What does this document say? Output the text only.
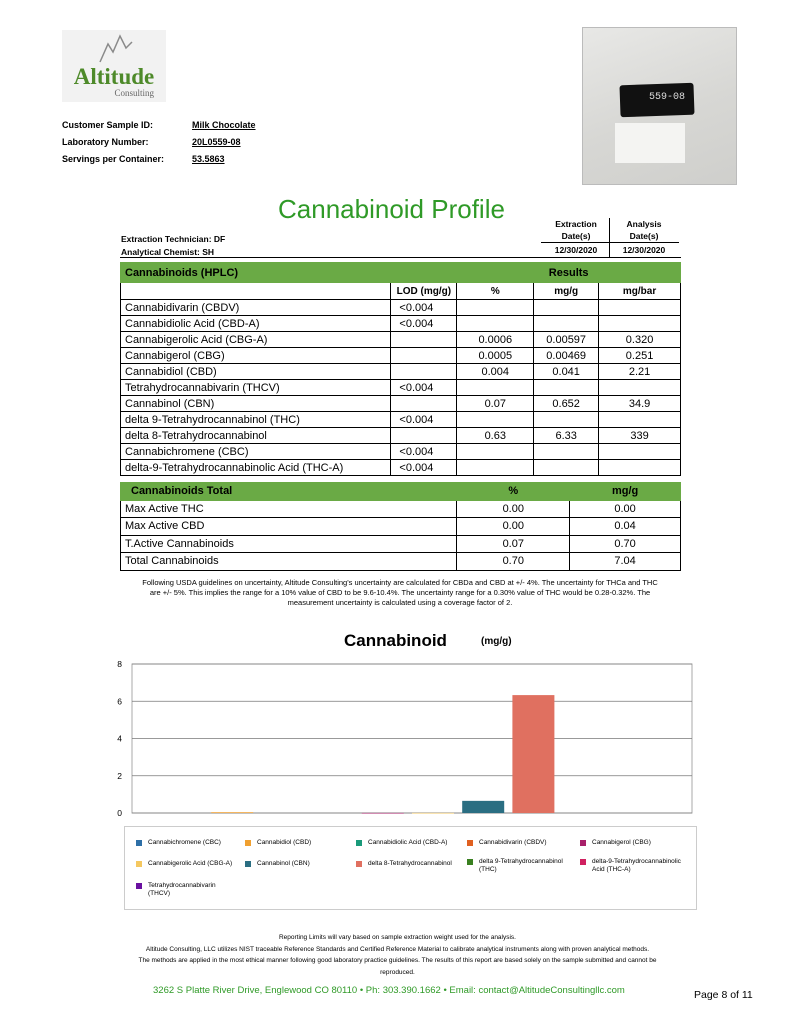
Altitude
Consulting	559-08
Customer Sample ID:	Milk Chocolate
Laboratory Number:	20L0559-08
Servings per Container:	53.5863
Cannabinoid Profile
Extraction Technician: DF
Analytical Chemist: SH
Extraction
Date(s)
Analysis
Date(s)
12/30/2020	12/30/2020
Cannabinoids (HPLC)		Results		
	LOD (mg/g)	%	mg/g	mg/bar
Cannabidivarin (CBDV)	<0.004			
Cannabidiolic Acid (CBD-A)	<0.004			
Cannabigerolic Acid (CBG-A)		0.0006	0.00597	0.320
Cannabigerol (CBG)		0.0005	0.00469	0.251
Cannabidiol (CBD)		0.004	0.041	2.21
Tetrahydrocannabivarin (THCV)	<0.004			
Cannabinol (CBN)		0.07	0.652	34.9
delta 9-Tetrahydrocannabinol (THC)	<0.004			
delta 8-Tetrahydrocannabinol		0.63	6.33	339
Cannabichromene (CBC)	<0.004			
delta-9-Tetrahydrocannabinolic Acid (THC-A)	<0.004			
Cannabinoids Total	%	mg/g
Max Active THC	0.00	0.00
Max Active CBD	0.00	0.04
T.Active Cannabinoids	0.07	0.70
Total Cannabinoids	0.70	7.04
Following USDA guidelines on uncertainty, Altitude Consulting's uncertainty are calculated for CBDa and CBD at +/- 4%. The uncertainty for THCa and THC are +/- 5%. This implies the range for a 10% value of CBD to be 9.6-10.4%. The uncertainty range for a 0.30% value of THC would be 0.28-0.32%. The measurement uncertainty is calculated using a coverage factor of 2.
Cannabinoid	(mg/g)
0
2
4
6
8
Cannabichromene (CBC)	Cannabidiol (CBD)	Cannabidiolic Acid (CBD-A)	Cannabidivarin (CBDV)	Cannabigerol (CBG)
Cannabigerolic Acid (CBG-A)	Cannabinol (CBN)	delta 8-Tetrahydrocannabinol	delta 9-Tetrahydrocannabinol
(THC)
delta-9-Tetrahydrocannabinolic
Acid (THC-A)
Tetrahydrocannabivarin
(THCV)
Reporting Limits will vary based on sample extraction weight used for the analysis.
Altitude Consulting, LLC utilizes NIST traceable Reference Standards and Certified Reference Material to calibrate analytical instruments along with proven analytical methods.
The methods are applied in the most ethical manner following good laboratory practice guidelines. The results of this report are based solely on the sample submitted and cannot be
reproduced.
3262 S Platte River Drive, Englewood CO 80110 • Ph: 303.390.1662 • Email: contact@AltitudeConsultingllc.com	Page 8 of 11
